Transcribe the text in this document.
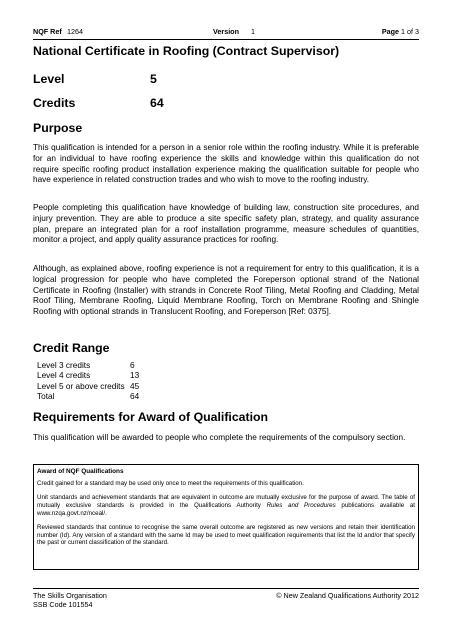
NQF Ref 1264	Version 1	Page 1 of 3
National Certificate in Roofing (Contract Supervisor)
Level	5
Credits	64
Purpose

This qualification is intended for a person in a senior role within the roofing industry. While it is preferable for an individual to have roofing experience the skills and knowledge within this qualification do not require specific roofing product installation experience making the qualification suitable for people who have experience in related construction trades and who wish to move to the roofing industry.

People completing this qualification have knowledge of building law, construction site procedures, and injury prevention. They are able to produce a site specific safety plan, strategy, and quality assurance plan, prepare an integrated plan for a roof installation programme, measure schedules of quantities, monitor a project, and apply quality assurance practices for roofing.

Although, as explained above, roofing experience is not a requirement for entry to this qualification, it is a logical progression for people who have completed the Foreperson optional strand of the National Certificate in Roofing (Installer) with strands in Concrete Roof Tiling, Metal Roofing and Cladding, Metal Roof Tiling, Membrane Roofing, Liquid Membrane Roofing, Torch on Membrane Roofing and Shingle Roofing with optional strands in Translucent Roofing, and Foreperson [Ref: 0375].

Credit Range
Level 3 credits	6
Level 4 credits	13
Level 5 or above credits 45
Total	64
Requirements for Award of Qualification

This qualification will be awarded to people who complete the requirements of the compulsory section.

Award of NQF Qualifications

Credit gained for a standard may be used only once to meet the requirements of this qualification.

Unit standards and achievement standards that are equivalent in outcome are mutually exclusive for the purpose of award. The table of mutually exclusive standards is provided in the Qualifications Authority Rules and Procedures publications available at www.nzqa.govt.nz/nceal/.

Reviewed standards that continue to recognise the same overall outcome are registered as new versions and retain their identification number (Id). Any version of a standard with the same Id may be used to meet qualification requirements that list the Id and/or that specify the past or current classification of the standard.

The Skills Organisation
SSB Code 101554
© New Zealand Qualifications Authority 2012
